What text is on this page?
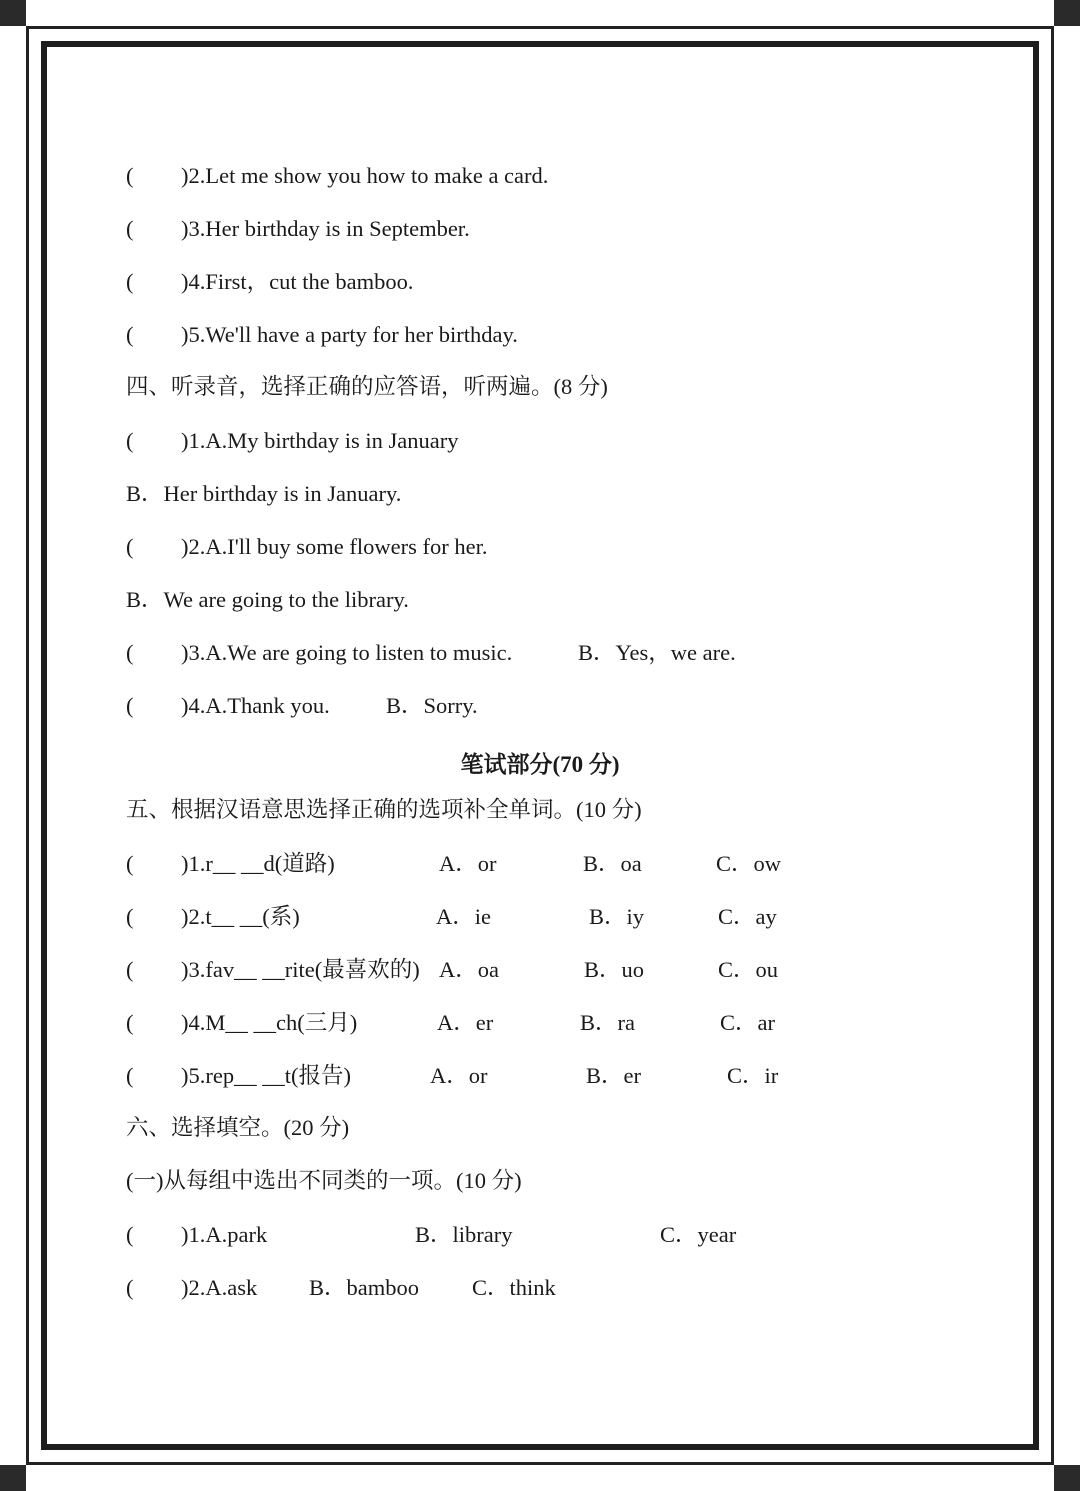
( )2.Let me show you how to make a card.
( )3.Her birthday is in September.
( )4.First，cut the bamboo.
( )5.We'll have a party for her birthday.
四、听录音，选择正确的应答语，听两遍。(8 分)
( )1.A.My birthday is in January
B．Her birthday is in January.
( )2.A.I'll buy some flowers for her.
B．We are going to the library.
( )3.A.We are going to listen to music.	B．Yes，we are.
( )4.A.Thank you.	B．Sorry.
笔试部分(70 分)
五、根据汉语意思选择正确的选项补全单词。(10 分)
( )1.r__ __d(道路)	A．or	B．oa	C．ow
( )2.t__ __(系)	A．ie	B．iy	C．ay
( )3.fav__ __rite(最喜欢的) A．oa	B．uo	C．ou
( )4.M__ __ch(三月)	A．er	B．ra	C．ar
( )5.rep__ __t(报告)	A．or	B．er	C．ir
六、选择填空。(20 分)
(一)从每组中选出不同类的一项。(10 分)
( )1.A.park	B．library	C．year
( )2.A.ask B．bamboo C．think
